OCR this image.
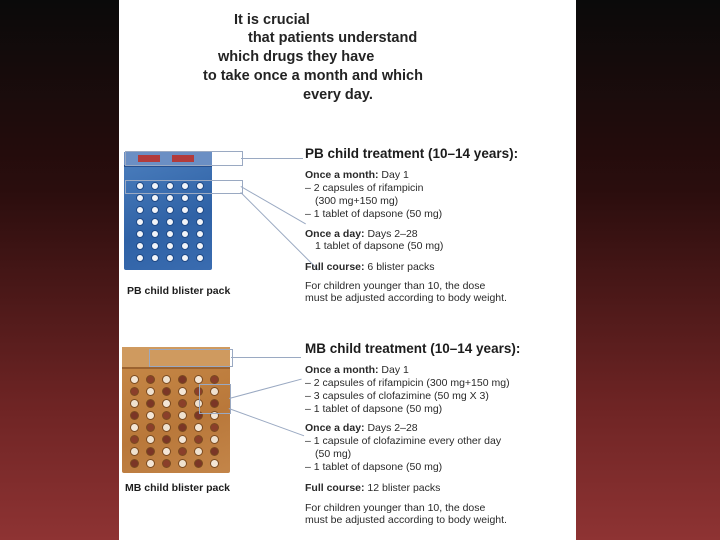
It is crucial
that patients understand
which drugs they have
to take once a month and which
every day.
PB child blister pack
PB child treatment (10–14 years):
Once a month: Day 1
– 2 capsules of rifampicin
(300 mg+150 mg)
– 1 tablet of dapsone (50 mg)
Once a day: Days 2–28
1 tablet of dapsone (50 mg)
Full course: 6 blister packs
For children younger than 10, the dose
must be adjusted according to body weight.
MB child blister pack
MB child treatment (10–14 years):
Once a month: Day 1
– 2 capsules of rifampicin (300 mg+150 mg)
– 3 capsules of clofazimine (50 mg X 3)
– 1 tablet of dapsone (50 mg)
Once a day: Days 2–28
– 1 capsule of clofazimine every other day
(50 mg)
– 1 tablet of dapsone (50 mg)
Full course: 12 blister packs
For children younger than 10, the dose
must be adjusted according to body weight.
